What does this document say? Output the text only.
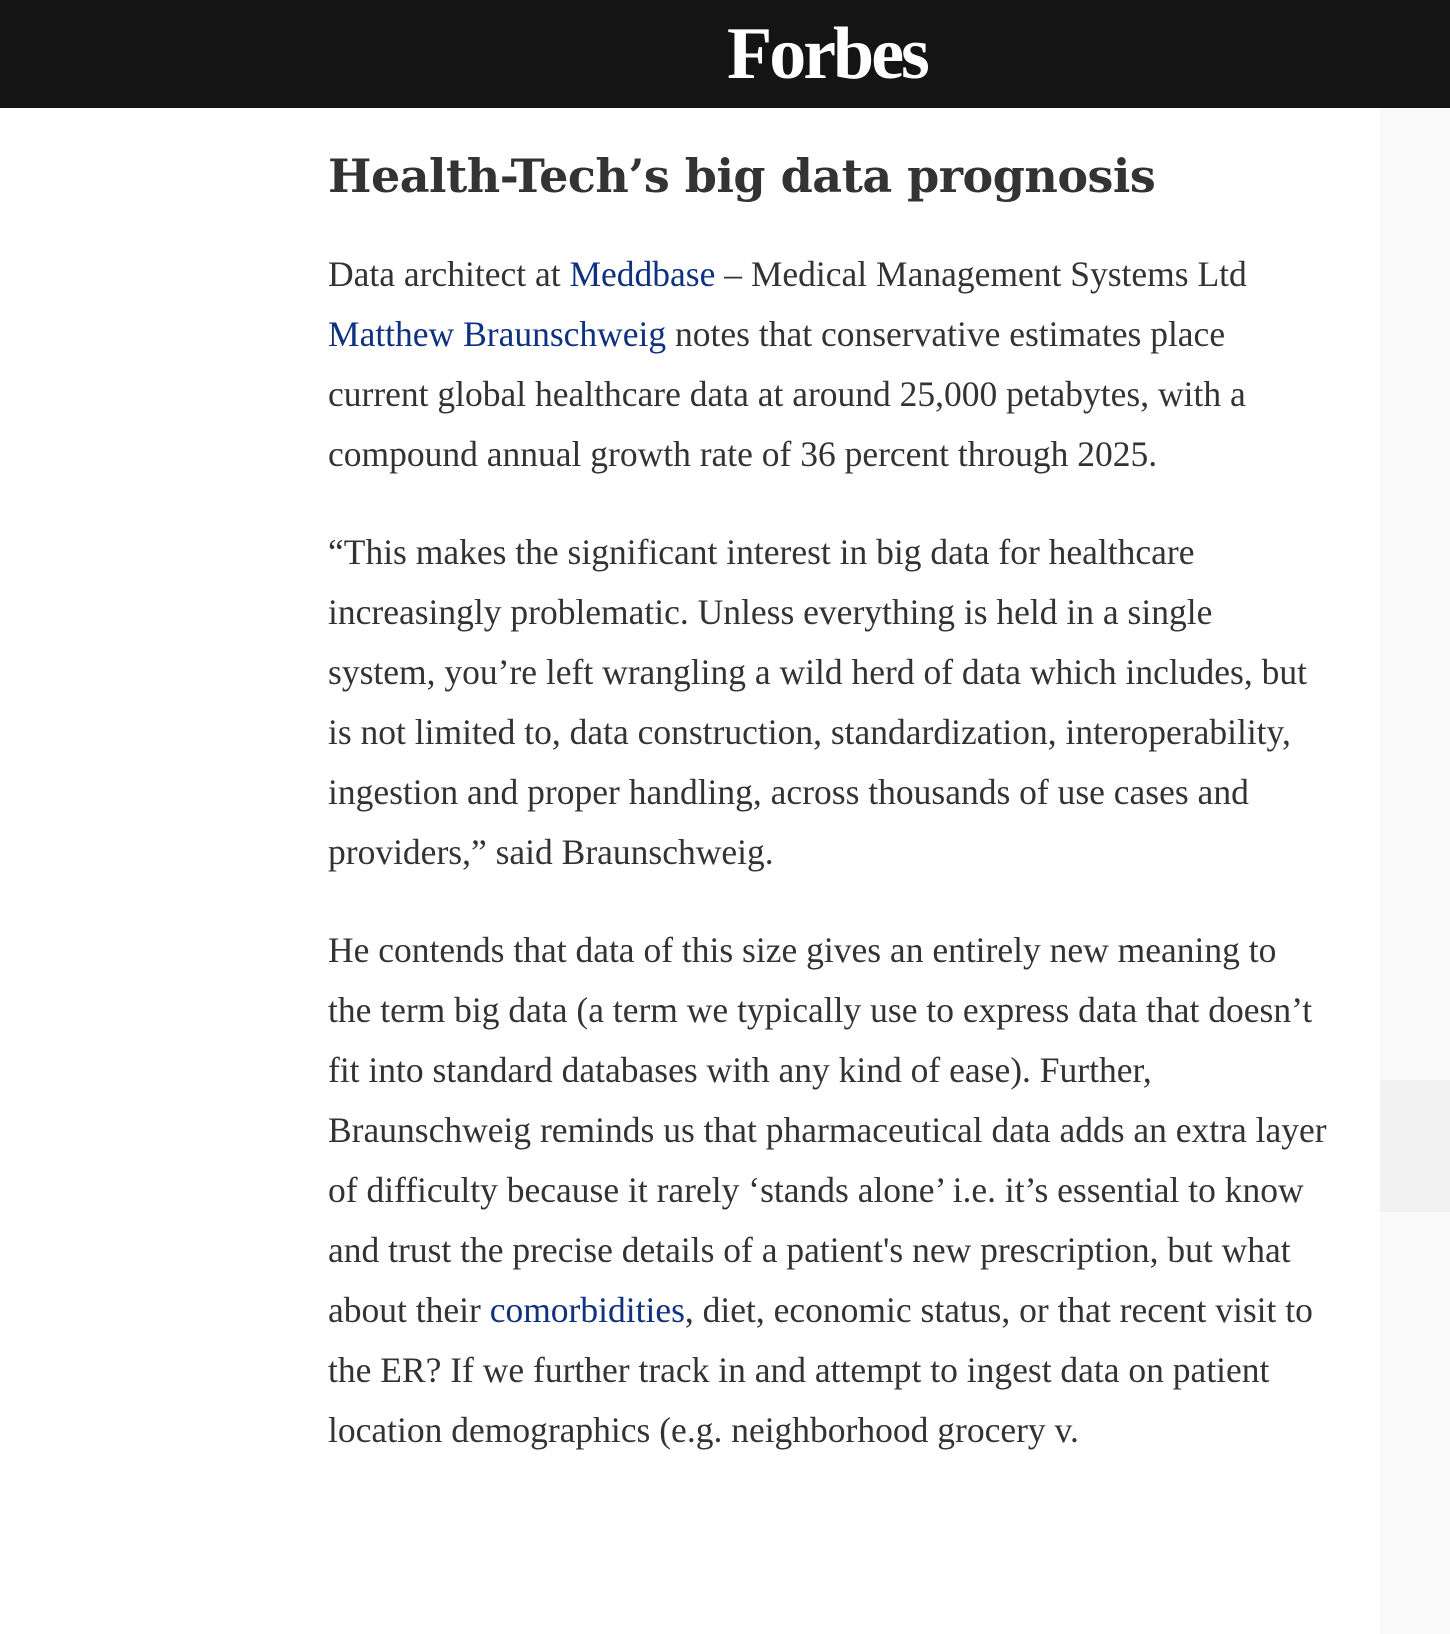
Forbes
Health-Tech’s big data prognosis

Data architect at Meddbase – Medical Management Systems Ltd Matthew Braunschweig notes that conservative estimates place current global healthcare data at around 25,000 petabytes, with a compound annual growth rate of 36 percent through 2025.

“This makes the significant interest in big data for healthcare increasingly problematic. Unless everything is held in a single system, you’re left wrangling a wild herd of data which includes, but is not limited to, data construction, standardization, interoperability, ingestion and proper handling, across thousands of use cases and providers,” said Braunschweig.

He contends that data of this size gives an entirely new meaning to the term big data (a term we typically use to express data that doesn’t fit into standard databases with any kind of ease). Further, Braunschweig reminds us that pharmaceutical data adds an extra layer of difficulty because it rarely ‘stands alone’ i.e. it’s essential to know and trust the precise details of a patient's new prescription, but what about their comorbidities, diet, economic status, or that recent visit to the ER? If we further track in and attempt to ingest data on patient location demographics (e.g. neighborhood grocery v.
